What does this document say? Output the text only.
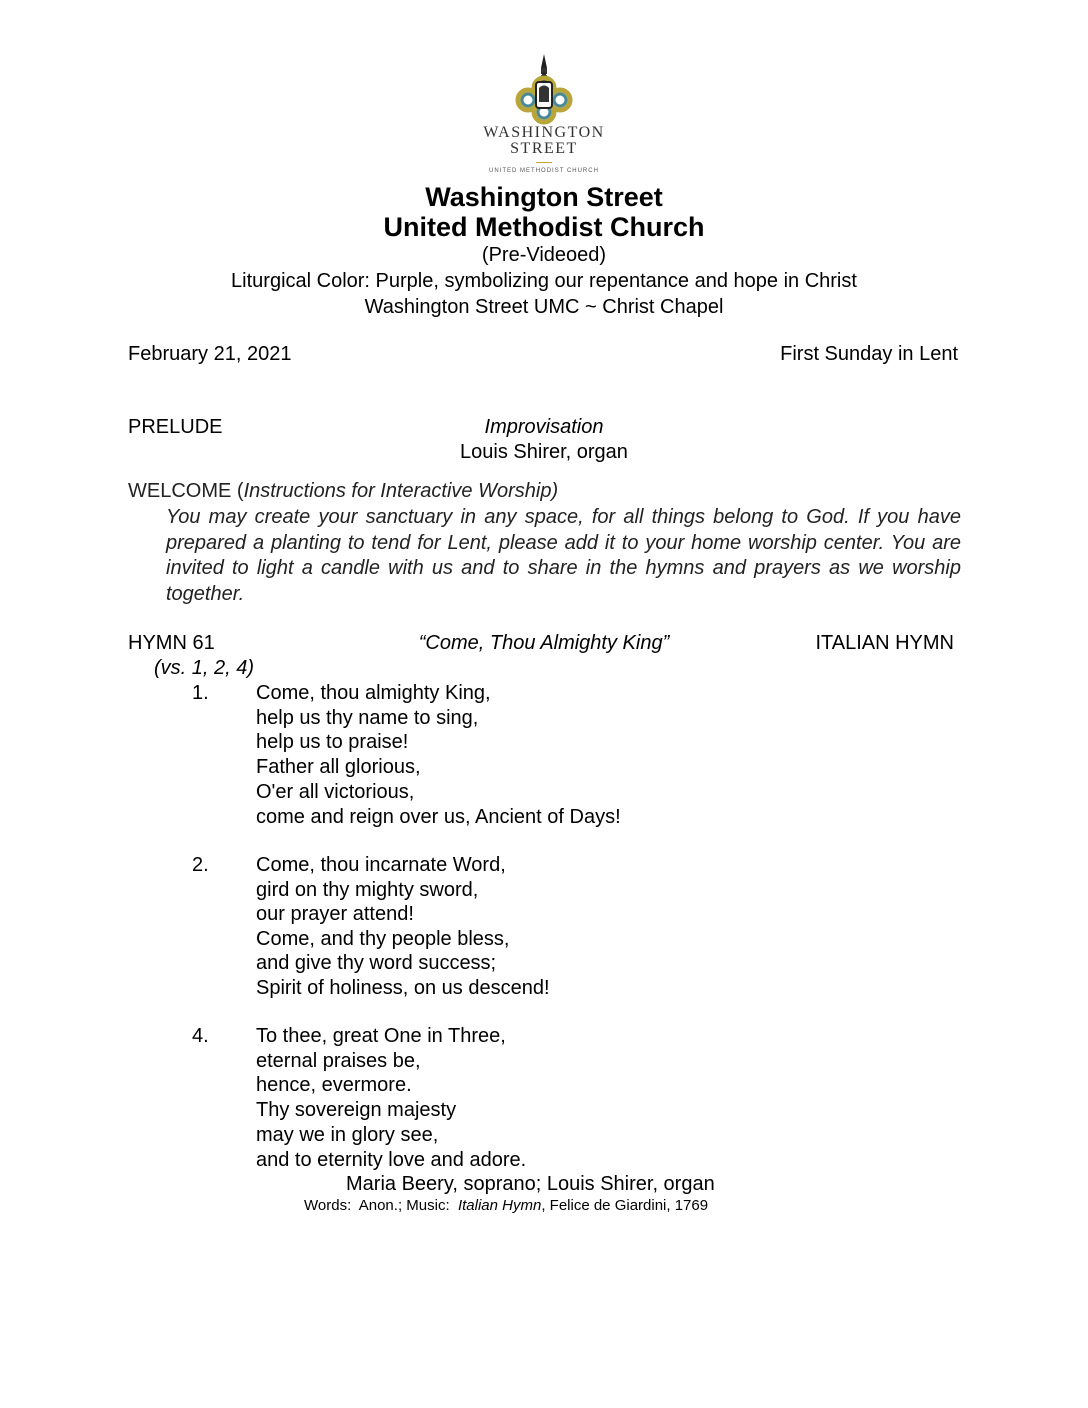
WASHINGTON
STREET
UNITED METHODIST CHURCH
Washington Street
United Methodist Church
(Pre-Videoed)
Liturgical Color: Purple, symbolizing our repentance and hope in Christ
Washington Street UMC ~ Christ Chapel
February 21, 2021	First Sunday in Lent
PRELUDE	Improvisation
Louis Shirer, organ
WELCOME (Instructions for Interactive Worship)
You may create your sanctuary in any space, for all things belong to God. If you have prepared a planting to tend for Lent, please add it to your home worship center. You are invited to light a candle with us and to share in the hymns and prayers as we worship together.
HYMN 61	“Come, Thou Almighty King”	ITALIAN HYMN
(vs. 1, 2, 4)
1. Come, thou almighty King,
help us thy name to sing,
help us to praise!
Father all glorious,
O'er all victorious,
come and reign over us, Ancient of Days!
2. Come, thou incarnate Word,
gird on thy mighty sword,
our prayer attend!
Come, and thy people bless,
and give thy word success;
Spirit of holiness, on us descend!
4. To thee, great One in Three,
eternal praises be,
hence, evermore.
Thy sovereign majesty
may we in glory see,
and to eternity love and adore.
Maria Beery, soprano; Louis Shirer, organ
Words:  Anon.; Music:  Italian Hymn, Felice de Giardini, 1769
